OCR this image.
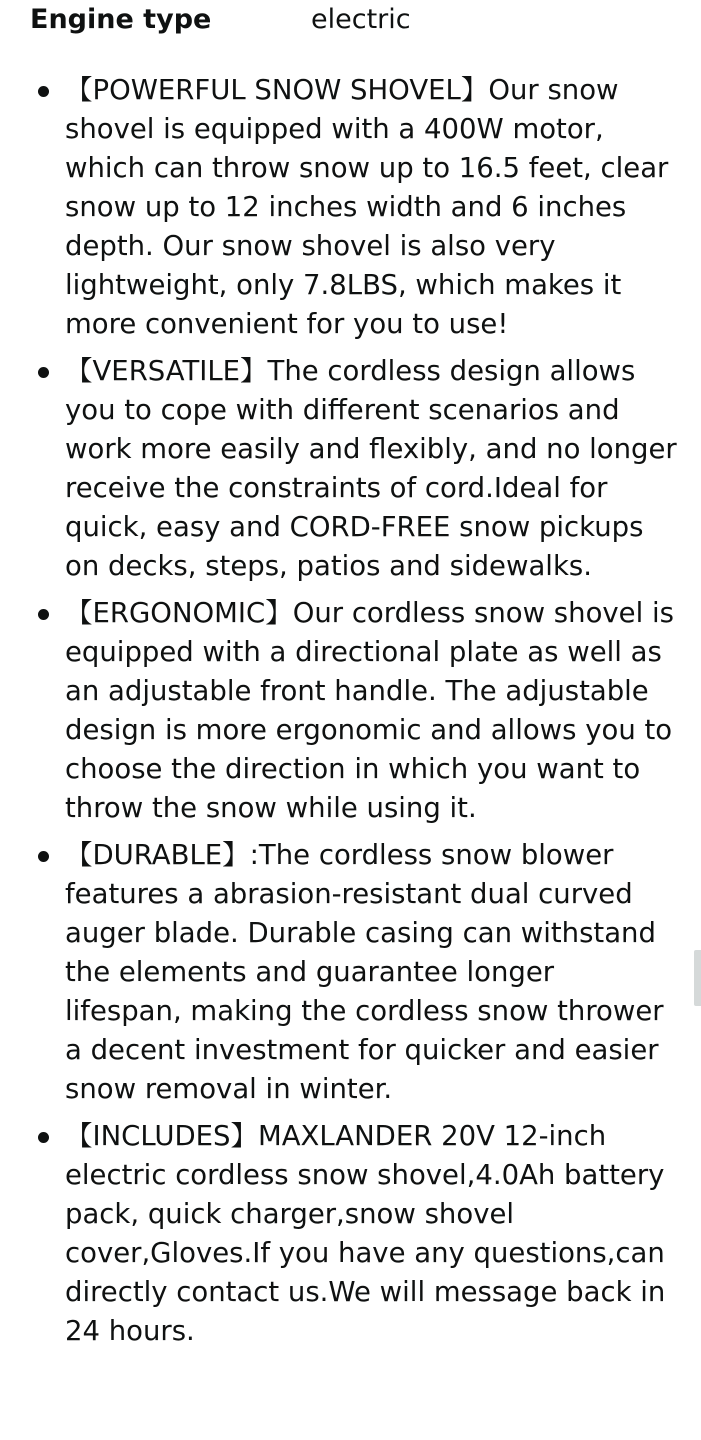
Engine type	electric
【POWERFUL SNOW SHOVEL】Our snow shovel is equipped with a 400W motor, which can throw snow up to 16.5 feet, clear snow up to 12 inches width and 6 inches depth. Our snow shovel is also very lightweight, only 7.8LBS, which makes it more convenient for you to use!
【VERSATILE】The cordless design allows you to cope with different scenarios and work more easily and flexibly, and no longer receive the constraints of cord.Ideal for quick, easy and CORD-FREE snow pickups on decks, steps, patios and sidewalks.
【ERGONOMIC】Our cordless snow shovel is equipped with a directional plate as well as an adjustable front handle. The adjustable design is more ergonomic and allows you to choose the direction in which you want to throw the snow while using it.
【DURABLE】:The cordless snow blower features a abrasion-resistant dual curved auger blade. Durable casing can withstand the elements and guarantee longer lifespan, making the cordless snow thrower a decent investment for quicker and easier snow removal in winter.
【INCLUDES】MAXLANDER 20V 12-inch electric cordless snow shovel,4.0Ah battery pack, quick charger,snow shovel cover,Gloves.If you have any questions,can directly contact us.We will message back in 24 hours.
